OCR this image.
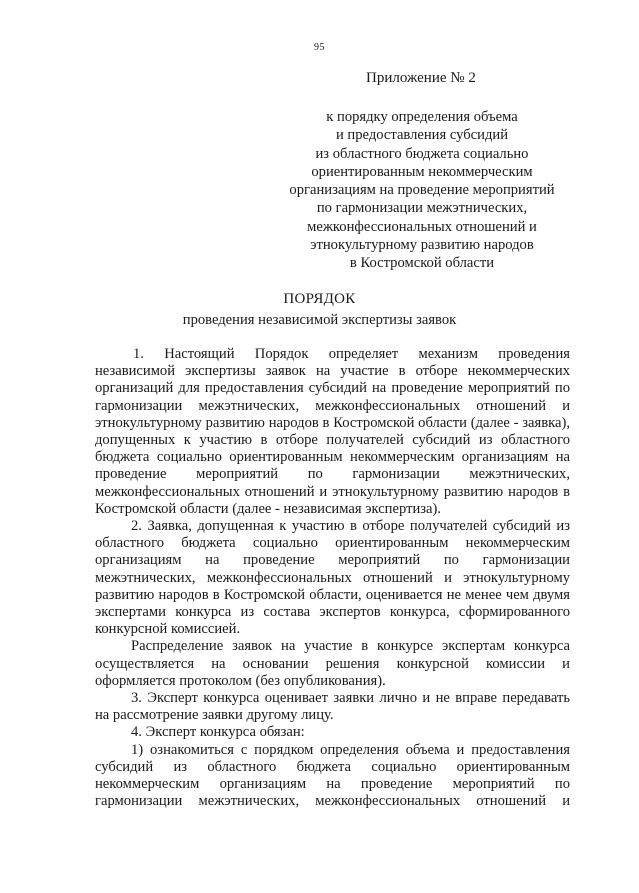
95
Приложение № 2
к порядку определения объема
и предоставления субсидий
из областного бюджета социально
ориентированным некоммерческим
организациям на проведение мероприятий
по гармонизации межэтнических,
межконфессиональных отношений и
этнокультурному развитию народов
в Костромской области
ПОРЯДОК
проведения независимой экспертизы заявок

1. Настоящий Порядок определяет механизм проведения независимой экспертизы заявок на участие в отборе некоммерческих организаций для предоставления субсидий на проведение мероприятий по гармонизации межэтнических, межконфессиональных отношений и этнокультурному развитию народов в Костромской области (далее - заявка), допущенных к участию в отборе получателей субсидий из областного бюджета социально ориентированным некоммерческим организациям на проведение мероприятий по гармонизации межэтнических, межконфессиональных отношений и этнокультурному развитию народов в Костромской области (далее - независимая экспертиза).

2. Заявка, допущенная к участию в отборе получателей субсидий из областного бюджета социально ориентированным некоммерческим организациям на проведение мероприятий по гармонизации межэтнических, межконфессиональных отношений и этнокультурному развитию народов в Костромской области, оценивается не менее чем двумя экспертами конкурса из состава экспертов конкурса, сформированного конкурсной комиссией.

Распределение заявок на участие в конкурсе экспертам конкурса осуществляется на основании решения конкурсной комиссии и оформляется протоколом (без опубликования).

3. Эксперт конкурса оценивает заявки лично и не вправе передавать на рассмотрение заявки другому лицу.

4. Эксперт конкурса обязан:

1) ознакомиться с порядком определения объема и предоставления субсидий из областного бюджета социально ориентированным некоммерческим организациям на проведение мероприятий по гармонизации межэтнических, межконфессиональных отношений и
